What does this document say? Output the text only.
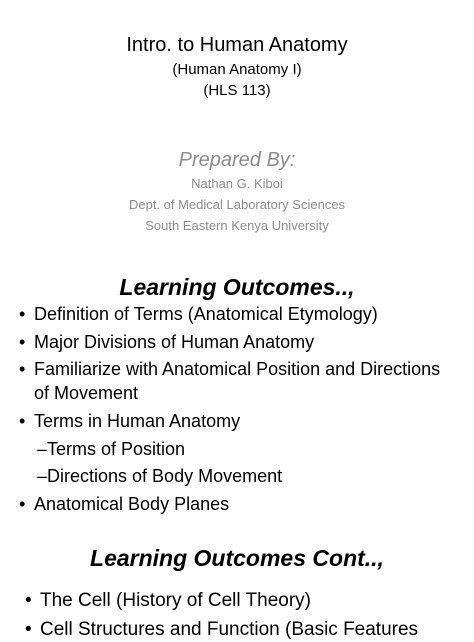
Intro. to Human Anatomy
(Human Anatomy I)
(HLS 113)
Prepared By:
Nathan G. Kiboi
Dept. of Medical Laboratory Sciences
South Eastern Kenya University
Learning Outcomes..,
• Definition of Terms (Anatomical Etymology)
• Major Divisions of Human Anatomy
• Familiarize with Anatomical Position and Directions
of Movement
• Terms in Human Anatomy
–Terms of Position
–Directions of Body Movement
• Anatomical Body Planes
Learning Outcomes Cont..,
• The Cell (History of Cell Theory)
• Cell Structures and Function (Basic Features
